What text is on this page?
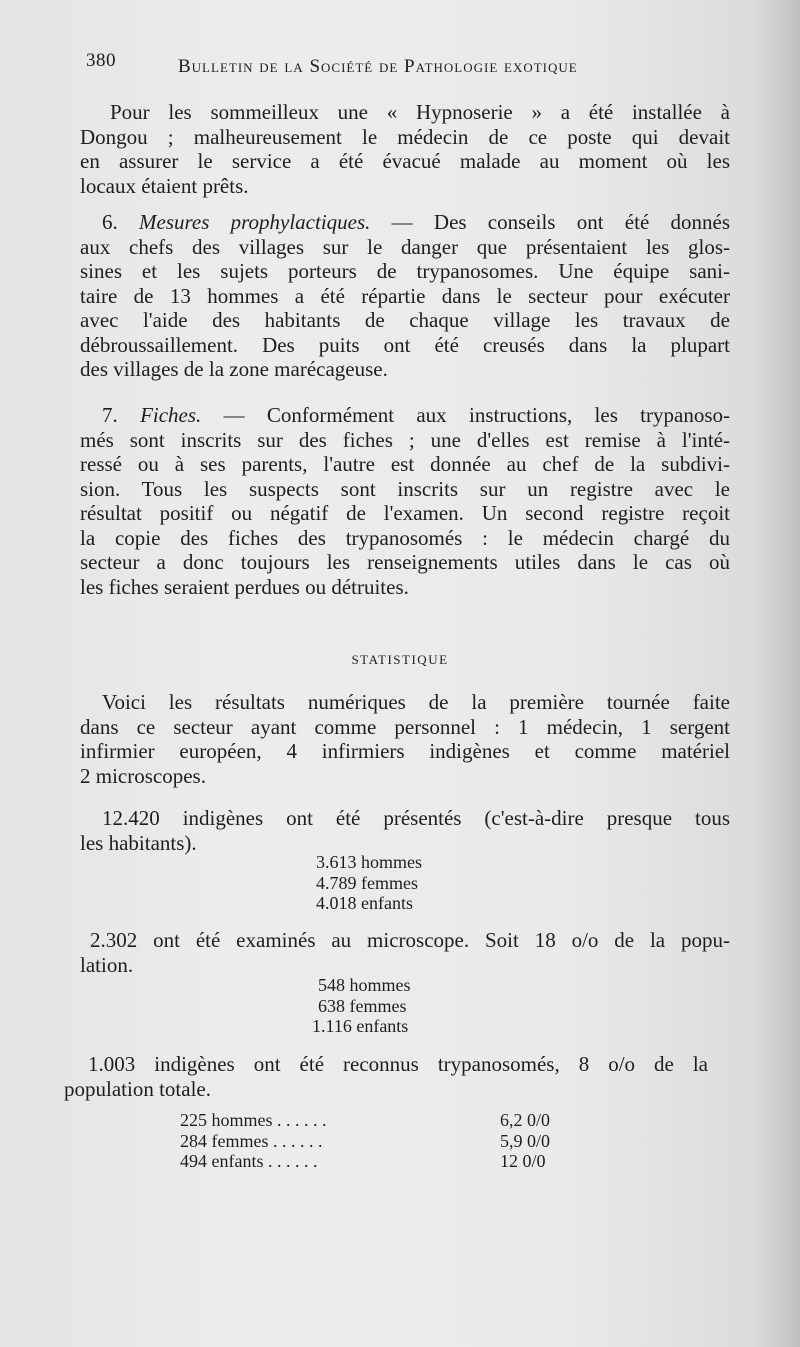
380	Bulletin de la Société de Pathologie exotique

Pour les sommeilleux une « Hypnoserie » a été installée à

Dongou ; malheureusement le médecin de ce poste qui devait

en assurer le service a été évacué malade au moment où les

locaux étaient prêts.

6. Mesures prophylactiques. — Des conseils ont été donnés

aux chefs des villages sur le danger que présentaient les glos-

sines et les sujets porteurs de trypanosomes. Une équipe sani-

taire de 13 hommes a été répartie dans le secteur pour exécuter

avec l'aide des habitants de chaque village les travaux de

débroussaillement. Des puits ont été creusés dans la plupart

des villages de la zone marécageuse.

7. Fiches. — Conformément aux instructions, les trypanoso-

més sont inscrits sur des fiches ; une d'elles est remise à l'inté-

ressé ou à ses parents, l'autre est donnée au chef de la subdivi-

sion. Tous les suspects sont inscrits sur un registre avec le

résultat positif ou négatif de l'examen. Un second registre reçoit

la copie des fiches des trypanosomés : le médecin chargé du

secteur a donc toujours les renseignements utiles dans le cas où

les fiches seraient perdues ou détruites.

STATISTIQUE

Voici les résultats numériques de la première tournée faite

dans ce secteur ayant comme personnel : 1 médecin, 1 sergent

infirmier européen, 4 infirmiers indigènes et comme matériel

2 microscopes.

12.420 indigènes ont été présentés (c'est-à-dire presque tous

les habitants).

3.613 hommes
4.789 femmes
4.018 enfants

2.302 ont été examinés au microscope. Soit 18 o/o de la popu-

lation.

548 hommes
638 femmes
1.116 enfants

1.003 indigènes ont été reconnus trypanosomés, 8 o/o de la

population totale.

225 hommes . . . . . .	6,2 0/0
284 femmes . . . . . .	5,9 0/0
494 enfants . . . . . .	12 0/0
